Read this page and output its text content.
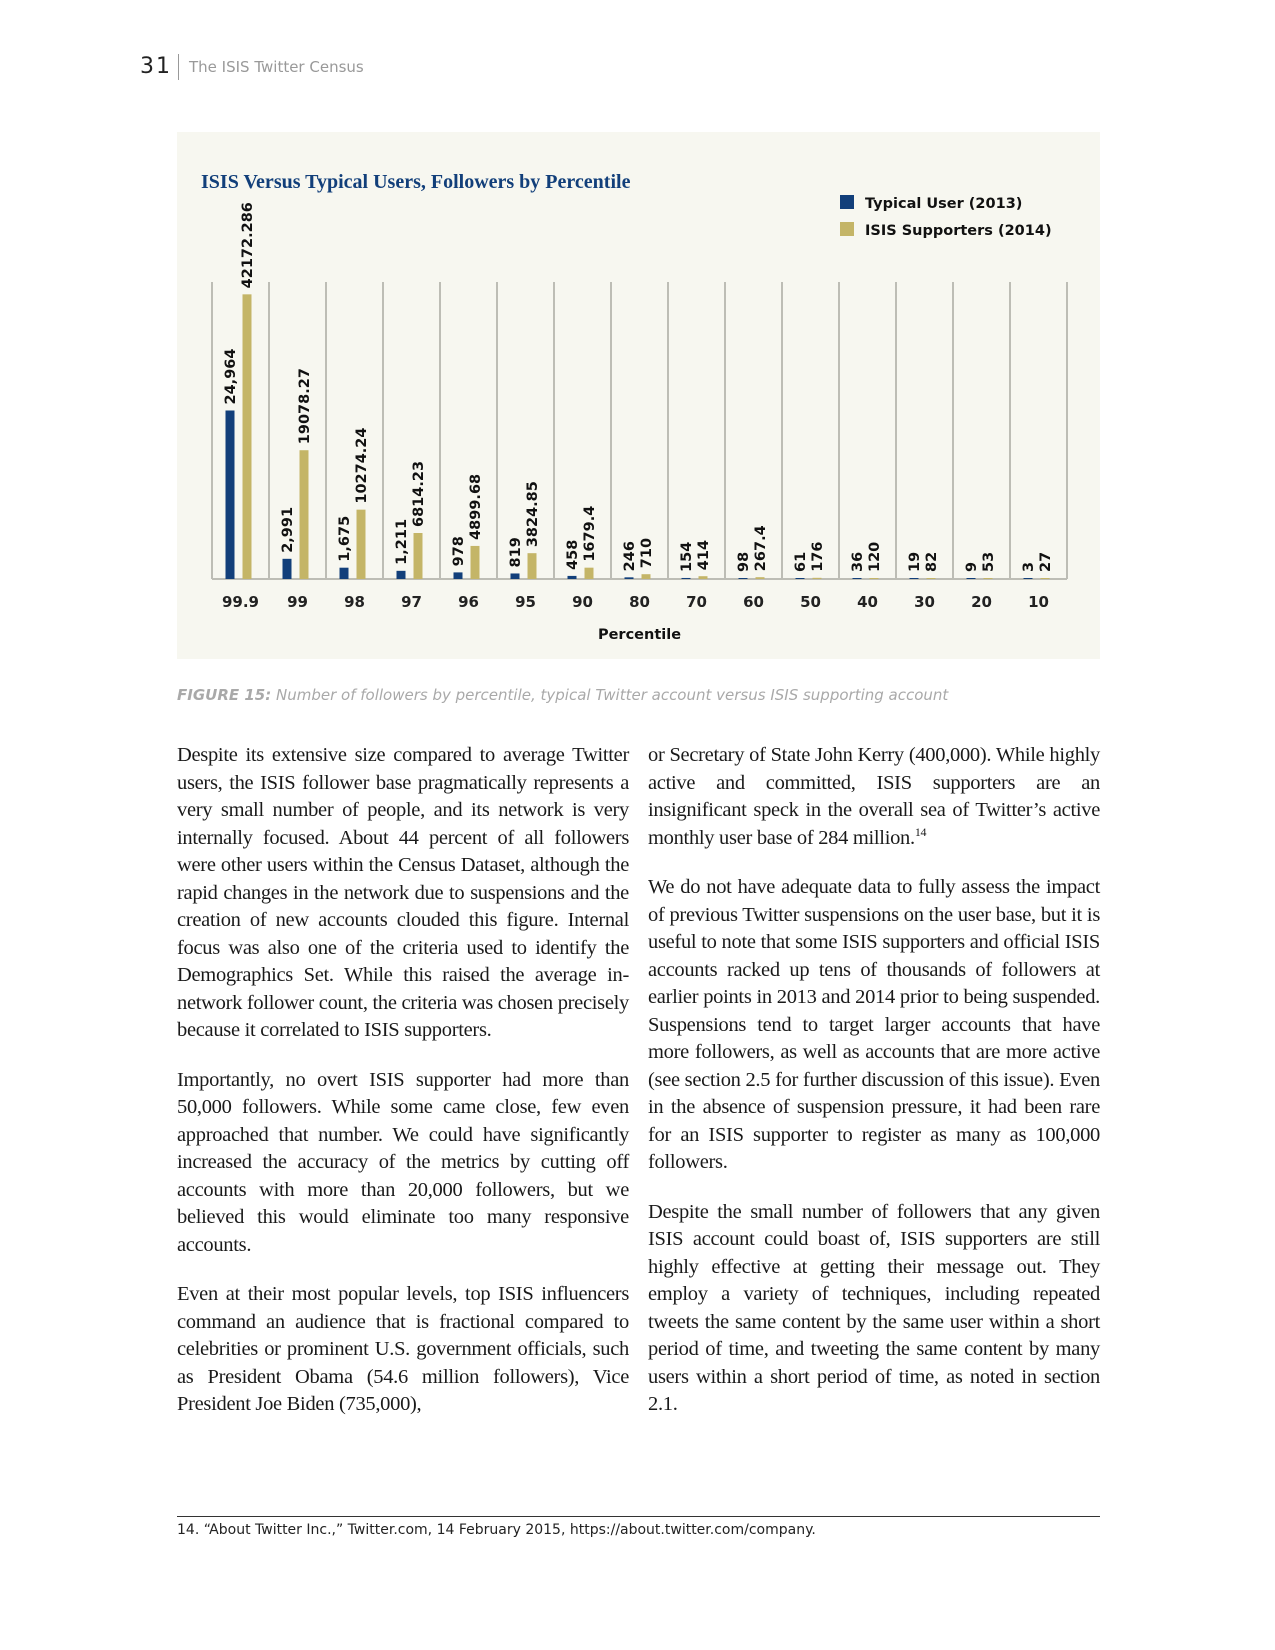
31 The ISIS Twitter Census
ISIS Versus Typical Users, Followers by Percentile
Typical User (2013)
ISIS Supporters (2014)
24,964
42172.286
99.9
2,991
19078.27
99
1,675
10274.24
98
1,211
6814.23
97
978
4899.68
96
819
3824.85
95
458 1679.4
90
246 710
80
154 414
70
98 267.4
60
61 176
50
36 120
40
19 82
30
9 53
20
3 27
10
Percentile
FIGURE 15: Number of followers by percentile, typical Twitter account versus ISIS supporting account

Despite its extensive size compared to average Twitter users, the ISIS follower base pragmatically represents a very small number of people, and its network is very internally focused. About 44 percent of all followers were other users within the Census Dataset, although the rapid changes in the network due to suspensions and the creation of new accounts clouded this figure. Internal focus was also one of the criteria used to identify the Demographics Set. While this raised the average in-network follower count, the criteria was chosen precisely because it correlated to ISIS supporters.

Importantly, no overt ISIS supporter had more than 50,000 followers. While some came close, few even approached that number. We could have significantly increased the accuracy of the metrics by cutting off accounts with more than 20,000 followers, but we believed this would eliminate too many responsive accounts.

Even at their most popular levels, top ISIS influencers command an audience that is fractional compared to celebrities or prominent U.S. government officials, such as President Obama (54.6 million followers), Vice President Joe Biden (735,000),

or Secretary of State John Kerry (400,000). While highly active and committed, ISIS supporters are an insignificant speck in the overall sea of Twitter’s active monthly user base of 284 million.$^{14}$

We do not have adequate data to fully assess the impact of previous Twitter suspensions on the user base, but it is useful to note that some ISIS supporters and official ISIS accounts racked up tens of thousands of followers at earlier points in 2013 and 2014 prior to being suspended. Suspensions tend to target larger accounts that have more followers, as well as accounts that are more active (see section 2.5 for further discussion of this issue). Even in the absence of suspension pressure, it had been rare for an ISIS supporter to register as many as 100,000 followers.

Despite the small number of followers that any given ISIS account could boast of, ISIS supporters are still highly effective at getting their message out. They employ a variety of techniques, including repeated tweets the same content by the same user within a short period of time, and tweeting the same content by many users within a short period of time, as noted in section 2.1.

14. “About Twitter Inc.,” Twitter.com, 14 February 2015, https://about.twitter.com/company.
